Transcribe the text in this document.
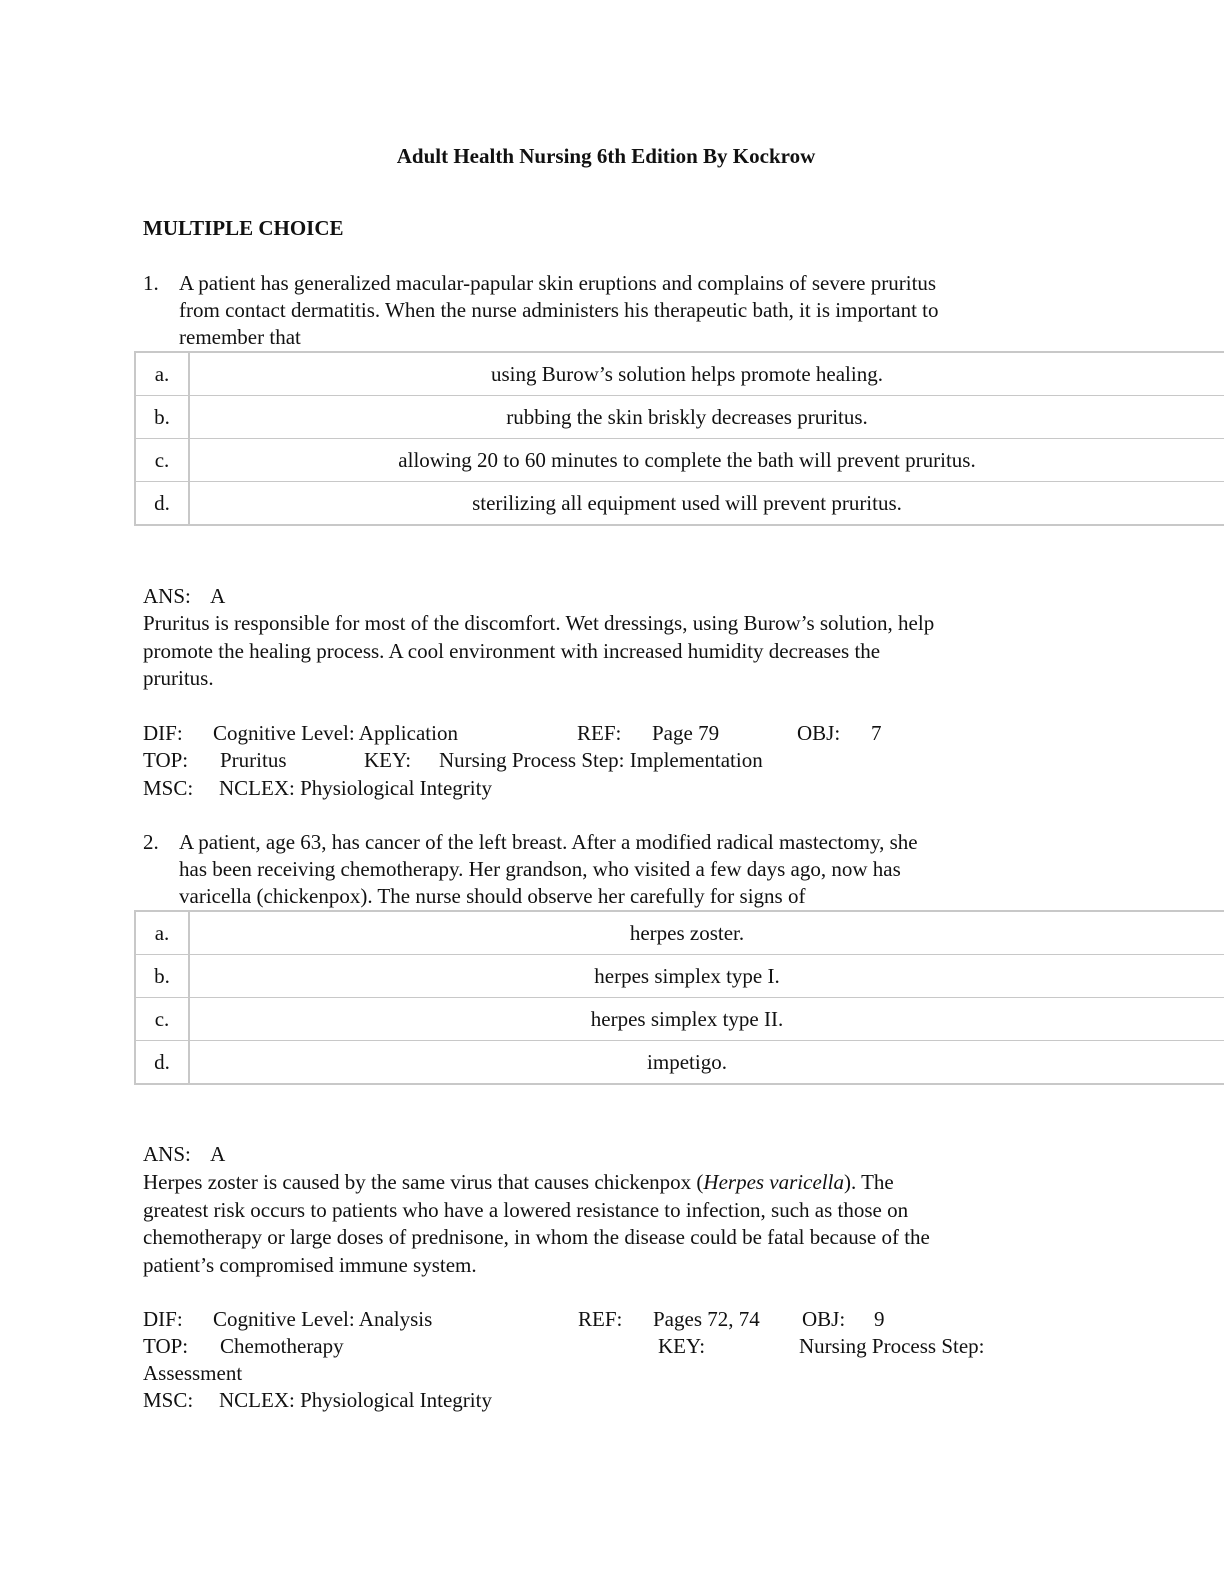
Adult Health Nursing 6th Edition By Kockrow
MULTIPLE CHOICE
1. A patient has generalized macular-papular skin eruptions and complains of severe pruritus
from contact dermatitis. When the nurse administers his therapeutic bath, it is important to
remember that
a.	using Burow’s solution helps promote healing.
b.	rubbing the skin briskly decreases pruritus.
c.	allowing 20 to 60 minutes to complete the bath will prevent pruritus.
d.	sterilizing all equipment used will prevent pruritus.
ANS: A
Pruritus is responsible for most of the discomfort. Wet dressings, using Burow’s solution, help
promote the healing process. A cool environment with increased humidity decreases the
pruritus.
DIF: Cognitive Level: Application	REF: Page 79	OBJ: 7
TOP: Pruritus	KEY: Nursing Process Step: Implementation
MSC: NCLEX: Physiological Integrity
2. A patient, age 63, has cancer of the left breast. After a modified radical mastectomy, she
has been receiving chemotherapy. Her grandson, who visited a few days ago, now has
varicella (chickenpox). The nurse should observe her carefully for signs of
a.	herpes zoster.
b.	herpes simplex type I.
c.	herpes simplex type II.
d.	impetigo.
ANS: A
Herpes zoster is caused by the same virus that causes chickenpox (Herpes varicella). The
greatest risk occurs to patients who have a lowered resistance to infection, such as those on
chemotherapy or large doses of prednisone, in whom the disease could be fatal because of the
patient’s compromised immune system.
DIF: Cognitive Level: Analysis	REF: Pages 72, 74 OBJ: 9
TOP: Chemotherapy	KEY:	Nursing Process Step:
Assessment
MSC: NCLEX: Physiological Integrity
